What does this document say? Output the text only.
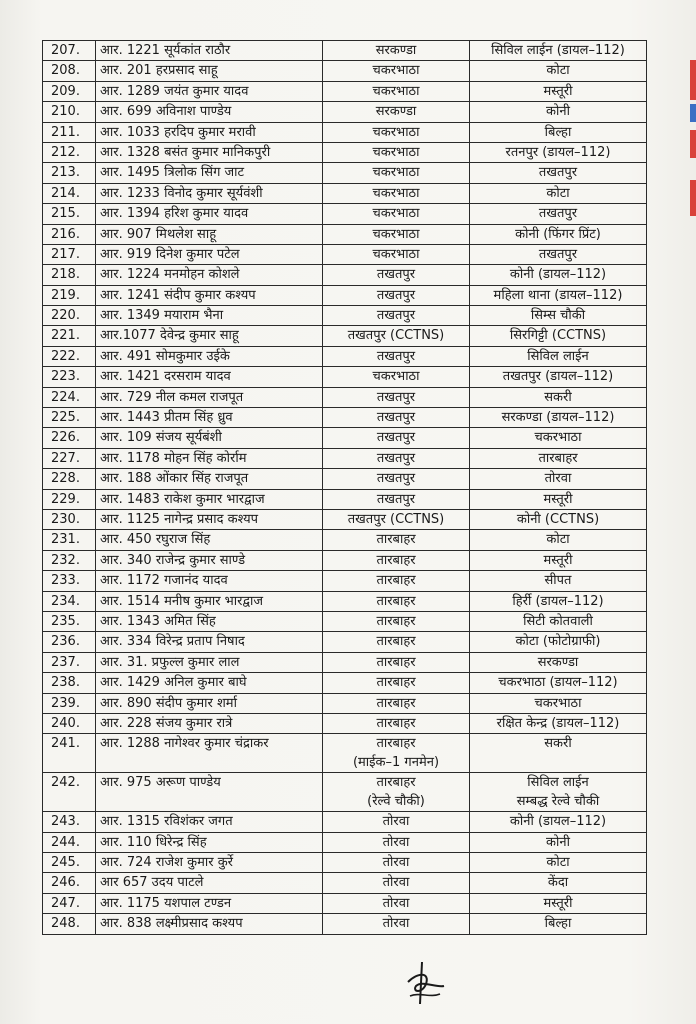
207.	आर. 1221 सूर्यकांत राठौर	सरकण्डा	सिविल लाईन (डायल–112)

208.	आर. 201 हरप्रसाद साहू	चकरभाठा	कोटा

209.	आर. 1289 जयंत कुमार यादव	चकरभाठा	मस्तूरी

210.	आर. 699 अविनाश पाण्डेय	सरकण्डा	कोनी

211.	आर. 1033 हरदिप कुमार मरावी	चकरभाठा	बिल्हा

212.	आर. 1328 बसंत कुमार मानिकपुरी	चकरभाठा	रतनपुर (डायल–112)

213.	आर. 1495 त्रिलोक सिंग जाट	चकरभाठा	तखतपुर

214.	आर. 1233 विनोद कुमार सूर्यवंशी	चकरभाठा	कोटा

215.	आर. 1394 हरिश कुमार यादव	चकरभाठा	तखतपुर

216.	आर. 907 मिथलेश साहू	चकरभाठा	कोनी (फिंगर प्रिंट)

217.	आर. 919 दिनेश कुमार पटेल	चकरभाठा	तखतपुर

218.	आर. 1224 मनमोहन कोशले	तखतपुर	कोनी (डायल–112)

219.	आर. 1241 संदीप कुमार कश्यप	तखतपुर	महिला थाना (डायल–112)

220.	आर. 1349 मयाराम भैना	तखतपुर	सिम्स चौकी

221.	आर.1077 देवेन्द्र कुमार साहू	तखतपुर (CCTNS)	सिरगिट्टी (CCTNS)

222.	आर. 491 सोमकुमार उईके	तखतपुर	सिविल लाईन

223.	आर. 1421 दरसराम यादव	चकरभाठा	तखतपुर (डायल–112)

224.	आर. 729 नील कमल राजपूत	तखतपुर	सकरी

225.	आर. 1443 प्रीतम सिंह ध्रुव	तखतपुर	सरकण्डा (डायल–112)

226.	आर. 109 संजय सूर्यबंशी	तखतपुर	चकरभाठा

227.	आर. 1178 मोहन सिंह कोर्राम	तखतपुर	तारबाहर

228.	आर. 188 ओंकार सिंह राजपूत	तखतपुर	तोरवा

229.	आर. 1483 राकेश कुमार भारद्वाज	तखतपुर	मस्तूरी

230.	आर. 1125 नागेन्द्र प्रसाद कश्यप	तखतपुर (CCTNS)	कोनी (CCTNS)

231.	आर. 450 रघुराज सिंह	तारबाहर	कोटा

232.	आर. 340 राजेन्द्र कुमार साण्डे	तारबाहर	मस्तूरी

233.	आर. 1172 गजानंद यादव	तारबाहर	सीपत

234.	आर. 1514 मनीष कुमार भारद्वाज	तारबाहर	हिर्री (डायल–112)

235.	आर. 1343 अमित सिंह	तारबाहर	सिटी कोतवाली

236.	आर. 334 विरेन्द्र प्रताप निषाद	तारबाहर	कोटा (फोटोग्राफी)

237.	आर. 31. प्रफुल्ल कुमार लाल	तारबाहर	सरकण्डा

238.	आर. 1429 अनिल कुमार बाघे	तारबाहर	चकरभाठा (डायल–112)

239.	आर. 890 संदीप कुमार शर्मा	तारबाहर	चकरभाठा

240.	आर. 228 संजय कुमार रात्रे	तारबाहर	रक्षित केन्द्र (डायल–112)

241.	आर. 1288 नागेश्वर कुमार चंद्राकर	तारबाहर
(माईक–1 गनमेन)	सकरी

242.	आर. 975 अरूण पाण्डेय	तारबाहर
(रेल्वे चौकी)	सिविल लाईन
सम्बद्ध रेल्वे चौकी

243.	आर. 1315 रविशंकर जगत	तोरवा	कोनी (डायल–112)

244.	आर. 110 धिरेन्द्र सिंह	तोरवा	कोनी

245.	आर. 724 राजेश कुमार कुर्रे	तोरवा	कोटा

246.	आर 657 उदय पाटले	तोरवा	केंदा

247.	आर. 1175 यशपाल टण्डन	तोरवा	मस्तूरी

248.	आर. 838 लक्ष्मीप्रसाद कश्यप	तोरवा	बिल्हा
